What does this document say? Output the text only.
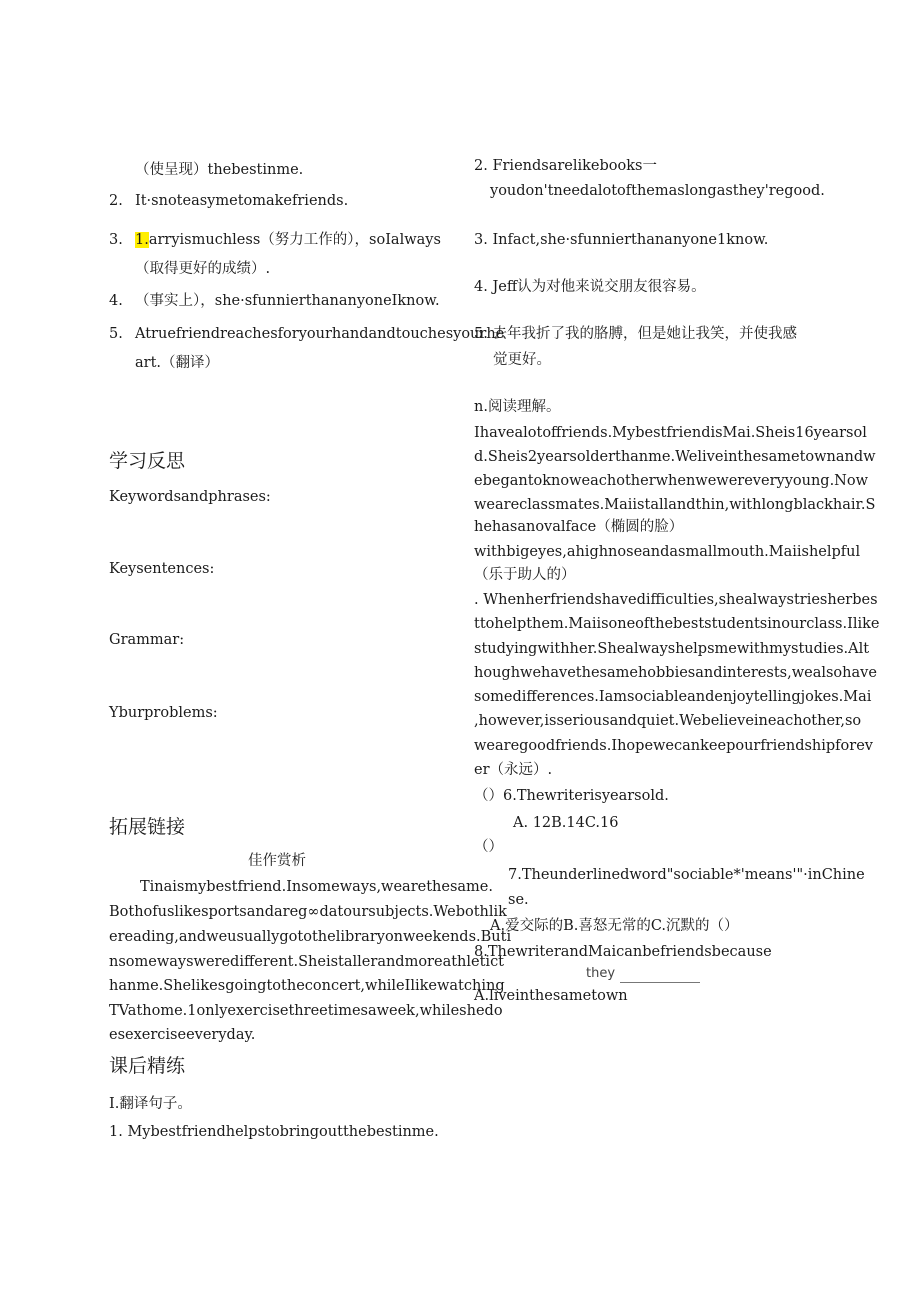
（使呈现）thebestinme.
2. It·snoteasymetomakefriends.
3. 1.arryismuchless（努力工作的），soIalways
（取得更好的成绩）.
4. （事实上），she·sfunnierthananyoneIknow.
5. Atruefriendreachesforyourhandandtouchesyourhe
art.（翻译）
学习反思
Keywordsandphrases:
Keysentences:
Grammar:
Yburproblems:
拓展链接
佳作赏析
Tinaismybestfriend.Insomeways,wearethesame.
Bothofuslikesportsandareg∞datoursubjects.Webothlik
ereading,andweusuallygotothelibraryonweekends.Buti
nsomewaysweredifferent.Sheistallerandmoreathletict
hanme.Shelikesgoingtotheconcert,whileIlikewatching
TVathome.1onlyexercisethreetimesaweek,whileshedo
esexerciseeveryday.
课后精练
Ⅰ.翻译句子。
1. Mybestfriendhelpstobringoutthebestinme.
2. Friendsarelikebooks一
youdon'tneedalotofthemaslongasthey'regood.
3. Infact,she·sfunnierthananyone1know.
4. Jeff认为对他来说交朋友很容易。
5. 去年我折了我的胳膊，但是她让我笑，并使我感
觉更好。
n.阅读理解。
Ihavealotoffriends.MybestfriendisMai.Sheis16yearsol
d.Sheis2yearsolderthanme.Weliveinthesametownandw
ebegantoknoweachotherwhenwewereveryyoung.Now
weareclassmates.Maiistallandthin,withlongblackhair.S
hehasanovalface（椭圆的脸）
withbigeyes,ahighnoseandasmallmouth.Maiishelpful
（乐于助人的）
. Whenherfriendshavedifficulties,shealwaystriesherbes
ttohelpthem.Maiisoneofthebeststudentsinourclass.Ilike
studyingwithher.Shealwayshelpsmewithmystudies.Alt
houghwehavethesamehobbiesandinterests,wealsohave
somedifferences.Iamsociableandenjoytellingjokes.Mai
,however,isseriousandquiet.Webelieveineachother,so
wearegoodfriends.Ihopewecankeepourfriendshipforev
er（永远）.
（）6.Thewriterisyearsold.
A. 12B.14C.16
（）
7.Theunderlinedword"sociable*'means'"·inChine
se.
A.爱交际的B.喜怒无常的C.沉默的（）
8.ThewriterandMaicanbefriendsbecause
they
A.liveinthesametown
